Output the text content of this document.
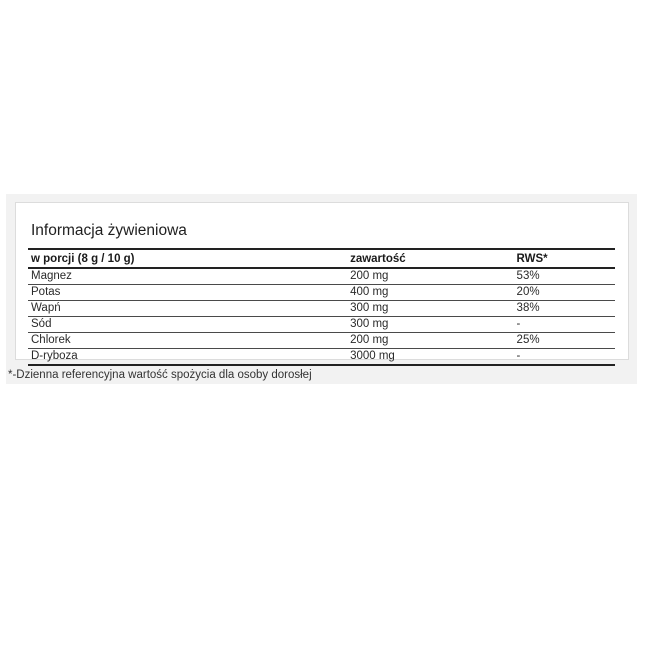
Informacja żywieniowa
w porcji (8 g / 10 g)	zawartość	RWS*
Magnez	200 mg	53%
Potas	400 mg	20%
Wapń	300 mg	38%
Sód	300 mg	-
Chlorek	200 mg	25%
D-ryboza	3000 mg	-
*-Dzienna referencyjna wartość spożycia dla osoby dorosłej
